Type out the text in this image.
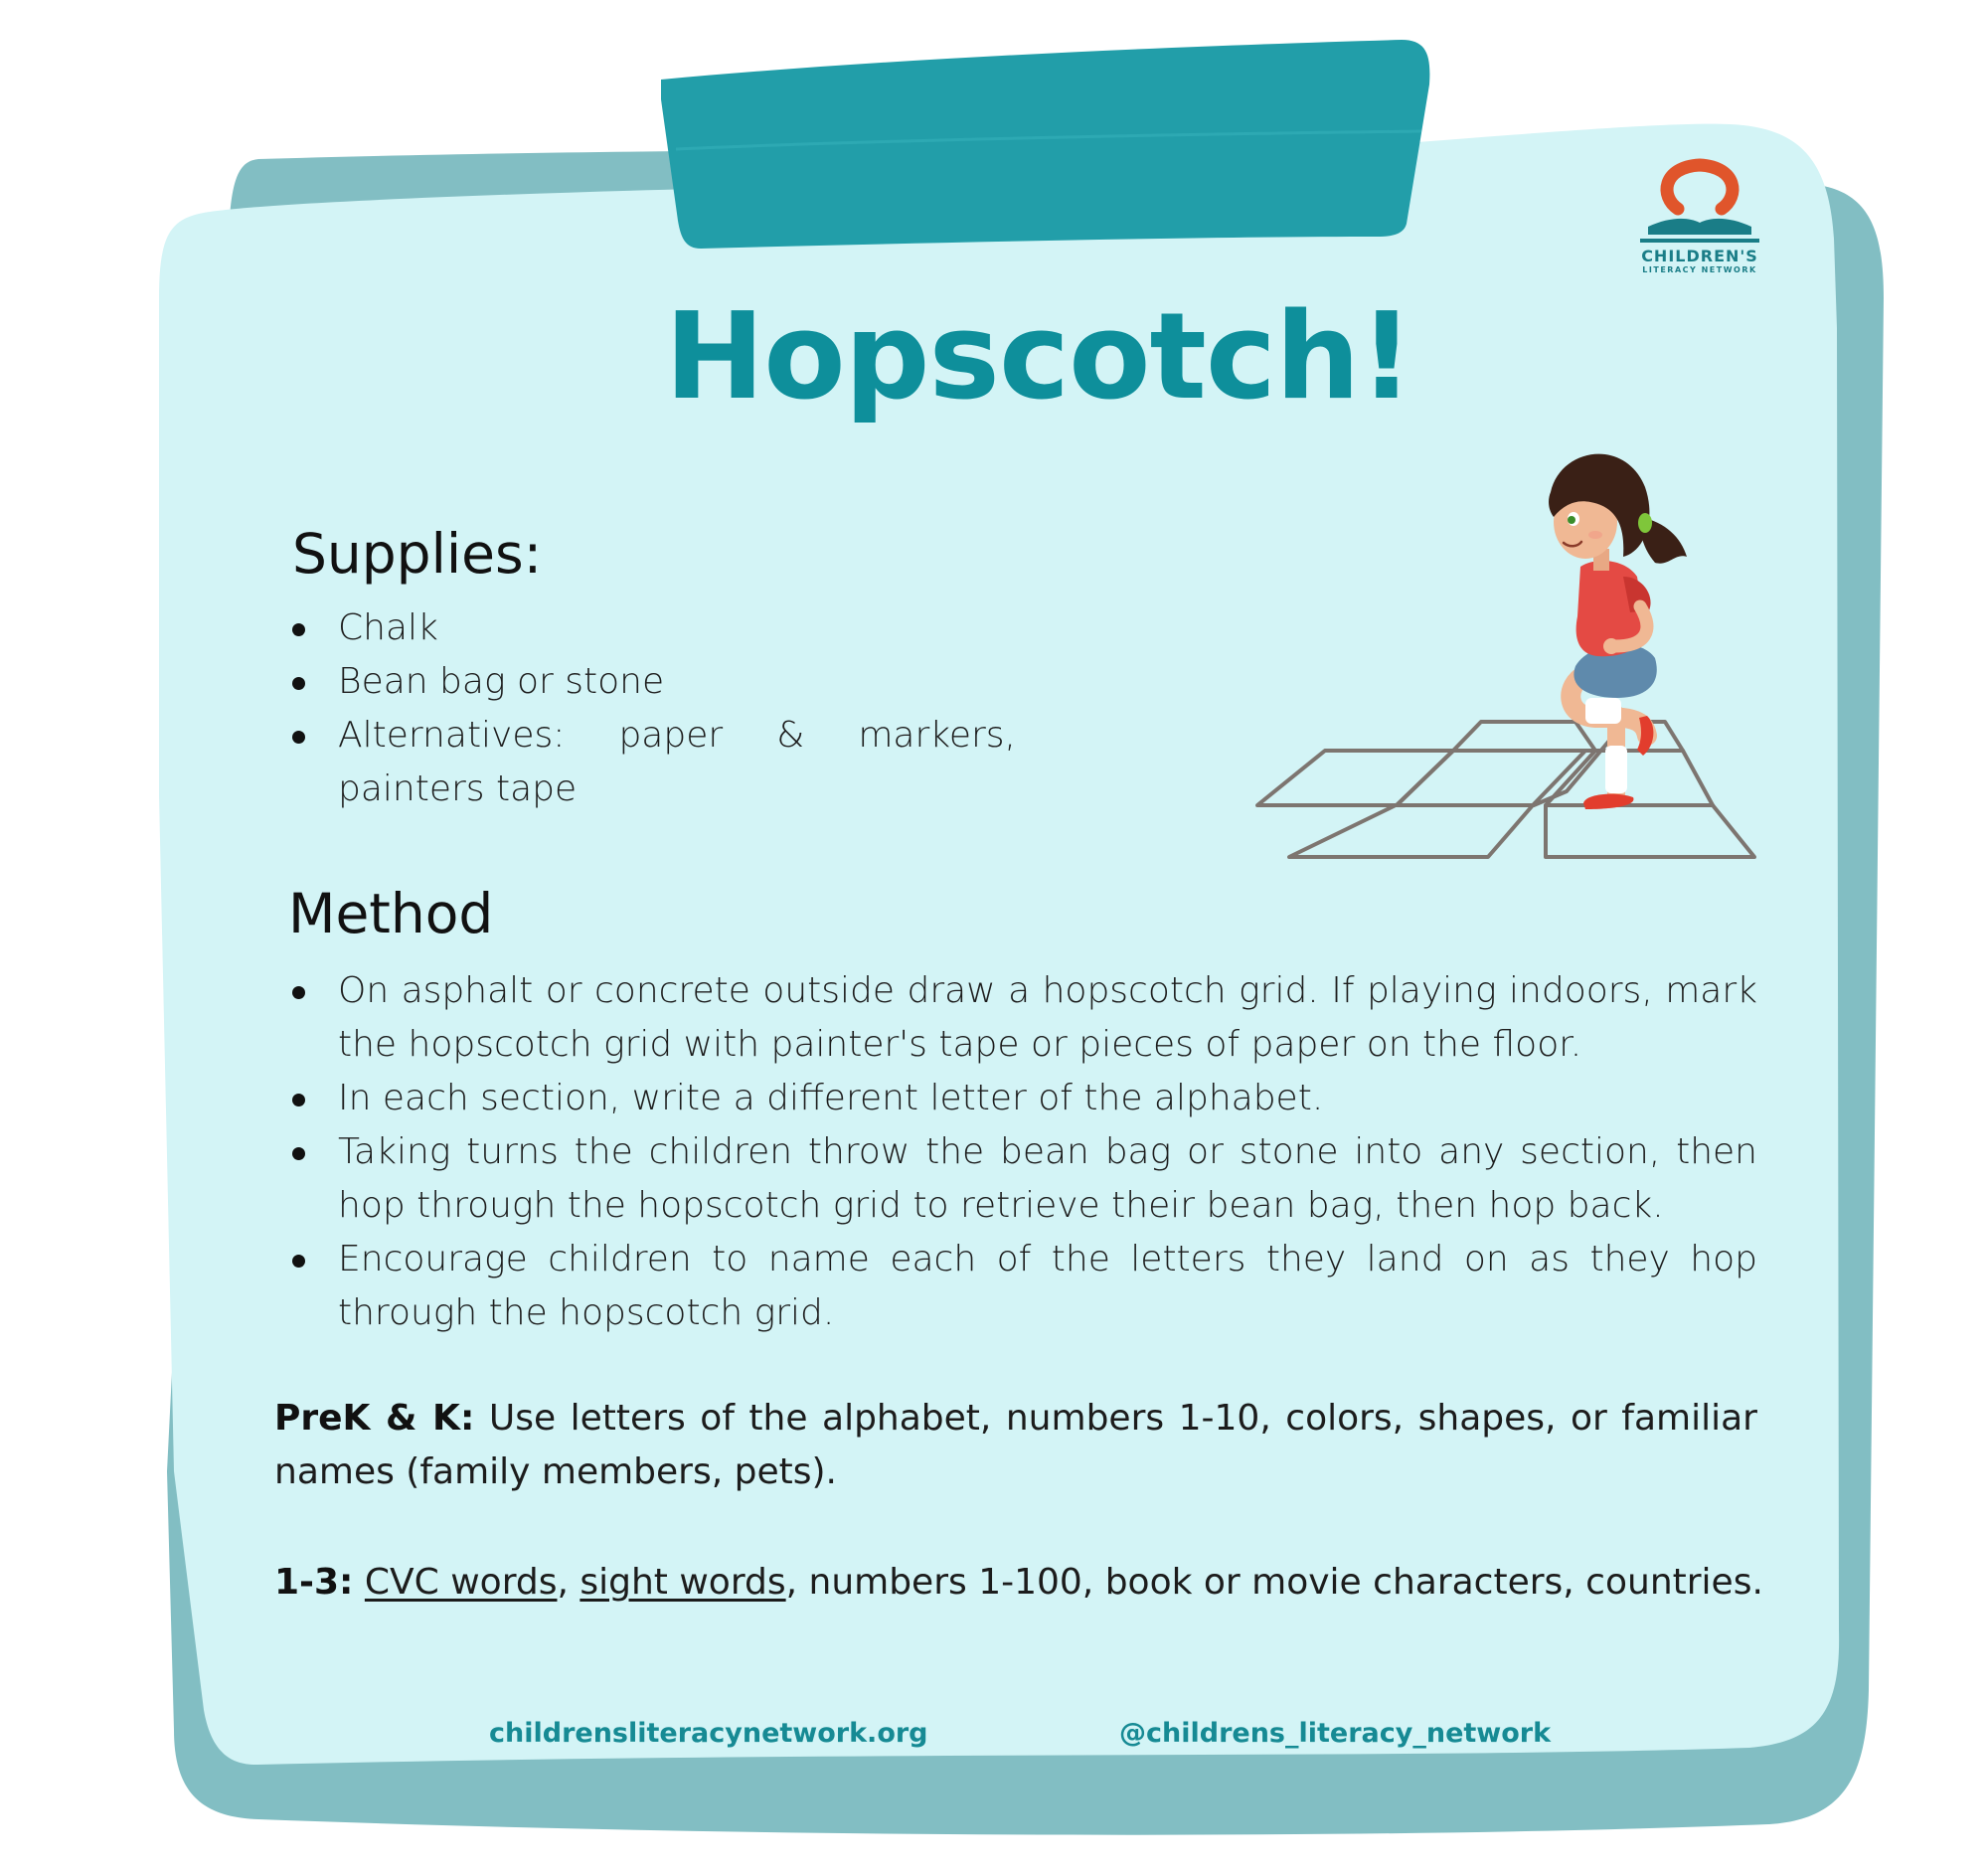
CHILDREN'S
LITERACY NETWORK
Hopscotch!
Supplies:
Chalk
Bean bag or stone
Alternatives: paper & markers, painters tape
Method
On asphalt or concrete outside draw a hopscotch grid. If playing indoors, mark the hopscotch grid with painter's tape or pieces of paper on the floor.
In each section, write a different letter of the alphabet.
Taking turns the children throw the bean bag or stone into any section, then hop through the hopscotch grid to retrieve their bean bag, then hop back.
Encourage children to name each of the letters they land on as they hop through the hopscotch grid.

PreK & K: Use letters of the alphabet, numbers 1-10, colors, shapes, or familiar names (family members, pets).

1-3: CVC words, sight words, numbers 1-100, book or movie characters, countries.

childrensliteracynetwork.org	@childrens_literacy_network
